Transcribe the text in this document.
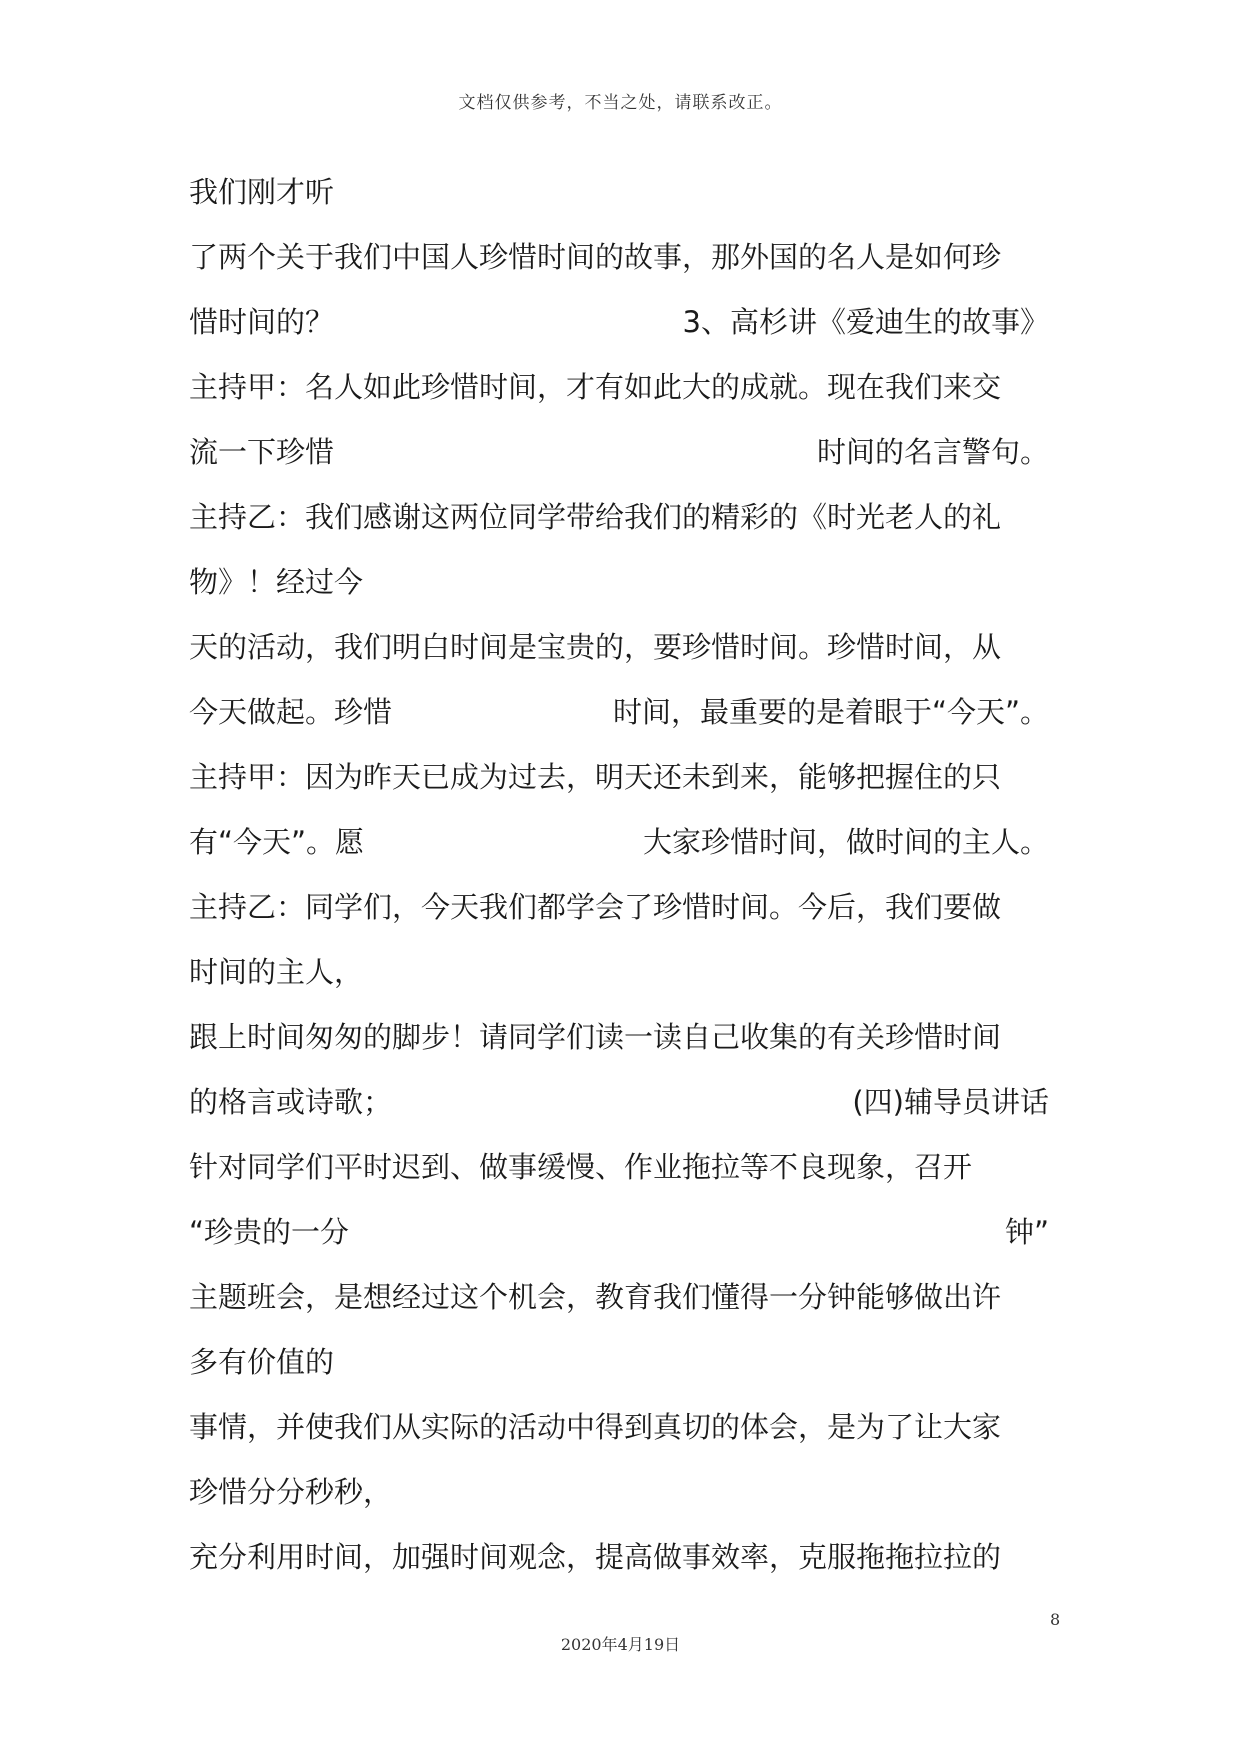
文档仅供参考，不当之处，请联系改正。
我们刚才听
了两个关于我们中国人珍惜时间的故事，那外国的名人是如何珍
惜时间的？	3、高杉讲《爱迪生的故事》
主持甲：名人如此珍惜时间，才有如此大的成就。现在我们来交
流一下珍惜	时间的名言警句。
主持乙：我们感谢这两位同学带给我们的精彩的《时光老人的礼
物》！经过今
天的活动，我们明白时间是宝贵的，要珍惜时间。珍惜时间，从
今天做起。珍惜	时间，最重要的是着眼于“今天”。
主持甲：因为昨天已成为过去，明天还未到来，能够把握住的只
有“今天”。愿	大家珍惜时间，做时间的主人。
主持乙：同学们，今天我们都学会了珍惜时间。今后，我们要做
时间的主人，
跟上时间匆匆的脚步！请同学们读一读自己收集的有关珍惜时间
的格言或诗歌；	(四)辅导员讲话
针对同学们平时迟到、做事缓慢、作业拖拉等不良现象，召开
“珍贵的一分	钟”
主题班会，是想经过这个机会，教育我们懂得一分钟能够做出许
多有价值的
事情，并使我们从实际的活动中得到真切的体会，是为了让大家
珍惜分分秒秒，
充分利用时间，加强时间观念，提高做事效率，克服拖拖拉拉的
8
2020年4月19日
